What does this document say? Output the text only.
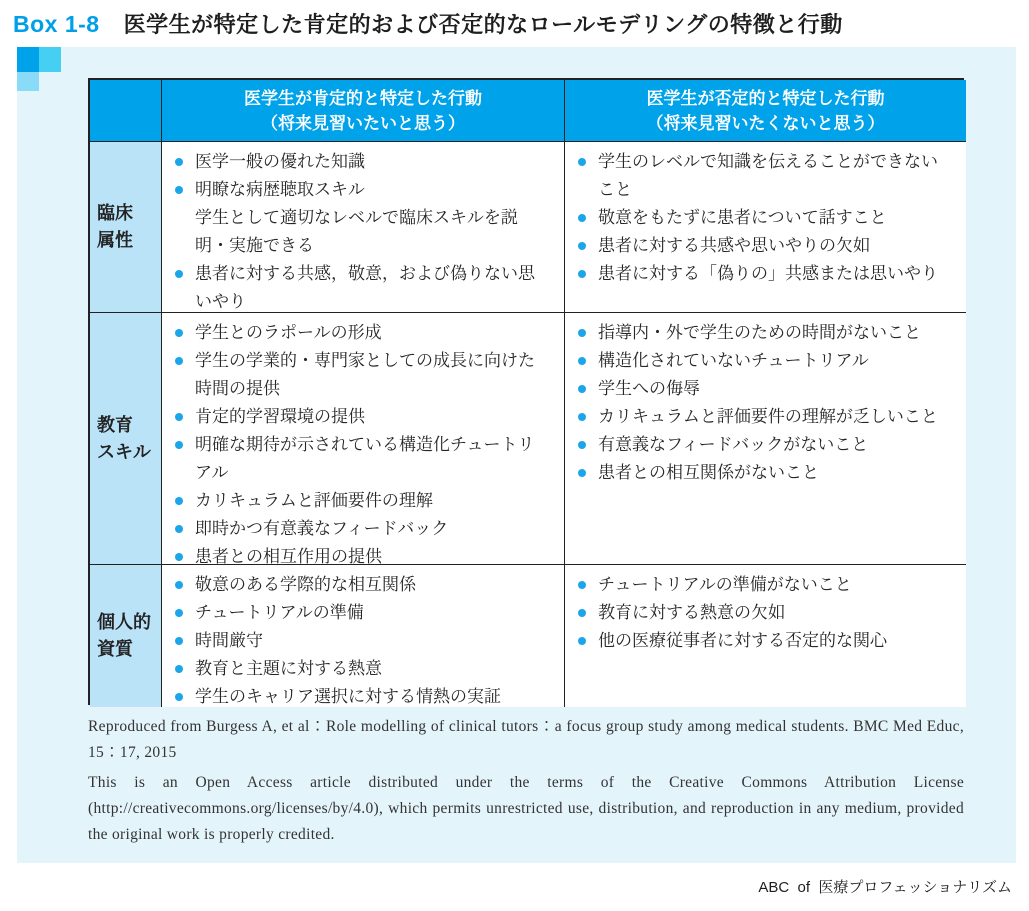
Box 1-8 医学生が特定した肯定的および否定的なロールモデリングの特徴と行動
医学生が肯定的と特定した行動
（将来見習いたいと思う）
医学生が否定的と特定した行動
（将来見習いたくないと思う）
臨床
属性
医学一般の優れた知識
明瞭な病歴聴取スキル
学生として適切なレベルで臨床スキルを説明・実施できる
患者に対する共感，敬意，および偽りない思いやり
学生のレベルで知識を伝えることができないこと
敬意をもたずに患者について話すこと
患者に対する共感や思いやりの欠如
患者に対する「偽りの」共感または思いやり
教育
スキル
学生とのラポールの形成
学生の学業的・専門家としての成長に向けた時間の提供
肯定的学習環境の提供
明確な期待が示されている構造化チュートリアル
カリキュラムと評価要件の理解
即時かつ有意義なフィードバック
患者との相互作用の提供
指導内・外で学生のための時間がないこと
構造化されていないチュートリアル
学生への侮辱
カリキュラムと評価要件の理解が乏しいこと
有意義なフィードバックがないこと
患者との相互関係がないこと
個人的
資質
敬意のある学際的な相互関係
チュートリアルの準備
時間厳守
教育と主題に対する熱意
学生のキャリア選択に対する情熱の実証
チュートリアルの準備がないこと
教育に対する熱意の欠如
他の医療従事者に対する否定的な関心

Reproduced from Burgess A, et al：Role modelling of clinical tutors：a focus group study among medical students. BMC Med Educ, 15：17, 2015

This is an Open Access article distributed under the terms of the Creative Commons Attribution License (http://creativecommons.org/licenses/by/4.0), which permits unrestricted use, distribution, and reproduction in any medium, provided the original work is properly credited.

ABC  of  医療プロフェッショナリズム
